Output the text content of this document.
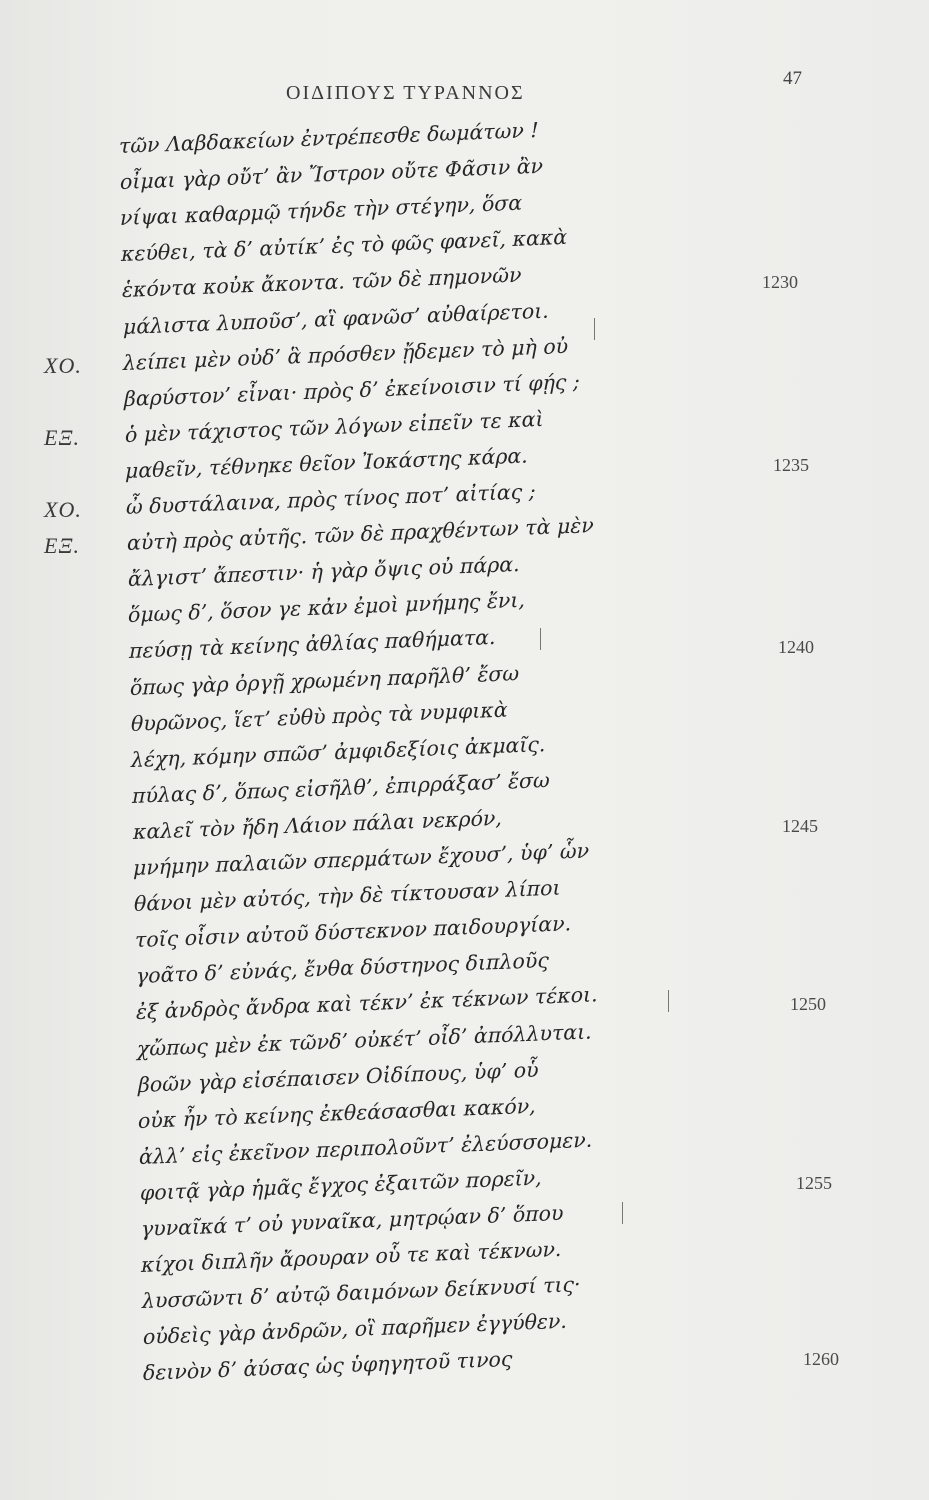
ΟΙΔΙΠΟΥΣ ΤΥΡΑΝΝΟΣ
47
τῶν Λαβδακείων ἐντρέπεσθε δωμάτων !
οἶμαι γὰρ οὔτ’ ἂν Ἴστρον οὔτε Φᾶσιν ἂν
νίψαι καθαρμῷ τήνδε τὴν στέγην, ὅσα
κεύθει, τὰ δ’ αὐτίκ’ ἐς τὸ φῶς φανεῖ, κακὰ
ἑκόντα κοὐκ ἄκοντα. τῶν δὲ πημονῶν	1230
μάλιστα λυποῦσ’, αἳ φανῶσ’ αὐθαίρετοι.
ΧΟ. λείπει μὲν οὐδ’ ἃ πρόσθεν ᾔδεμεν τὸ μὴ οὐ
βαρύστον’ εἶναι· πρὸς δ’ ἐκείνοισιν τί φῄς ;
ΕΞ. ὁ μὲν τάχιστος τῶν λόγων εἰπεῖν τε καὶ
μαθεῖν, τέθνηκε θεῖον Ἰοκάστης κάρα.	1235
ΧΟ. ὦ δυστάλαινα, πρὸς τίνος ποτ’ αἰτίας ;
ΕΞ. αὐτὴ πρὸς αὑτῆς. τῶν δὲ πραχθέντων τὰ μὲν
ἄλγιστ’ ἄπεστιν· ἡ γὰρ ὄψις οὐ πάρα.
ὅμως δ’, ὅσον γε κἀν ἐμοὶ μνήμης ἔνι,
πεύσῃ τὰ κείνης ἀθλίας παθήματα.	1240
ὅπως γὰρ ὀργῇ χρωμένη παρῆλθ’ ἔσω
θυρῶνος, ἵετ’ εὐθὺ πρὸς τὰ νυμφικὰ
λέχη, κόμην σπῶσ’ ἀμφιδεξίοις ἀκμαῖς.
πύλας δ’, ὅπως εἰσῆλθ’, ἐπιρράξασ’ ἔσω
καλεῖ τὸν ἤδη Λάιον πάλαι νεκρόν,	1245
μνήμην παλαιῶν σπερμάτων ἔχουσ’, ὑφ’ ὧν
θάνοι μὲν αὐτός, τὴν δὲ τίκτουσαν λίποι
τοῖς οἷσιν αὐτοῦ δύστεκνον παιδουργίαν.
γοᾶτο δ’ εὐνάς, ἔνθα δύστηνος διπλοῦς
ἐξ ἀνδρὸς ἄνδρα καὶ τέκν’ ἐκ τέκνων τέκοι.	1250
χὤπως μὲν ἐκ τῶνδ’ οὐκέτ’ οἶδ’ ἀπόλλυται.
βοῶν γὰρ εἰσέπαισεν Οἰδίπους, ὑφ’ οὗ
οὐκ ἦν τὸ κείνης ἐκθεάσασθαι κακόν,
ἀλλ’ εἰς ἐκεῖνον περιπολοῦντ’ ἐλεύσσομεν.
φοιτᾷ γὰρ ἡμᾶς ἔγχος ἐξαιτῶν πορεῖν,	1255
γυναῖκά τ’ οὐ γυναῖκα, μητρῴαν δ’ ὅπου
κίχοι διπλῆν ἄρουραν οὗ τε καὶ τέκνων.
λυσσῶντι δ’ αὐτῷ δαιμόνων δείκνυσί τις·
οὐδεὶς γὰρ ἀνδρῶν, οἳ παρῆμεν ἐγγύθεν.
δεινὸν δ’ ἀύσας ὡς ὑφηγητοῦ τινος	1260
